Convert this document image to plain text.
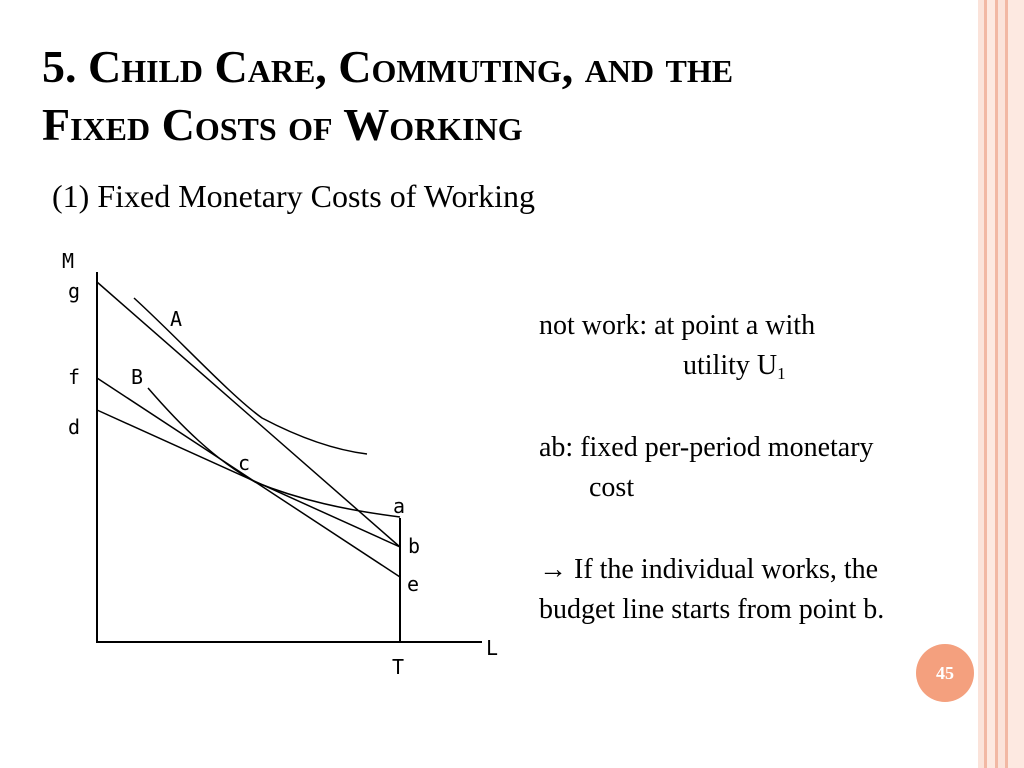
5. Child Care, Commuting, and the
Fixed Costs of Working
(1) Fixed Monetary Costs of Working
M
L
T
g
f
d
A
B
c
a
b
e

not work: at point a with

utility $U_1$

ab: fixed per-period monetary

cost

→ If the individual works, the

budget line starts from point b.

45
